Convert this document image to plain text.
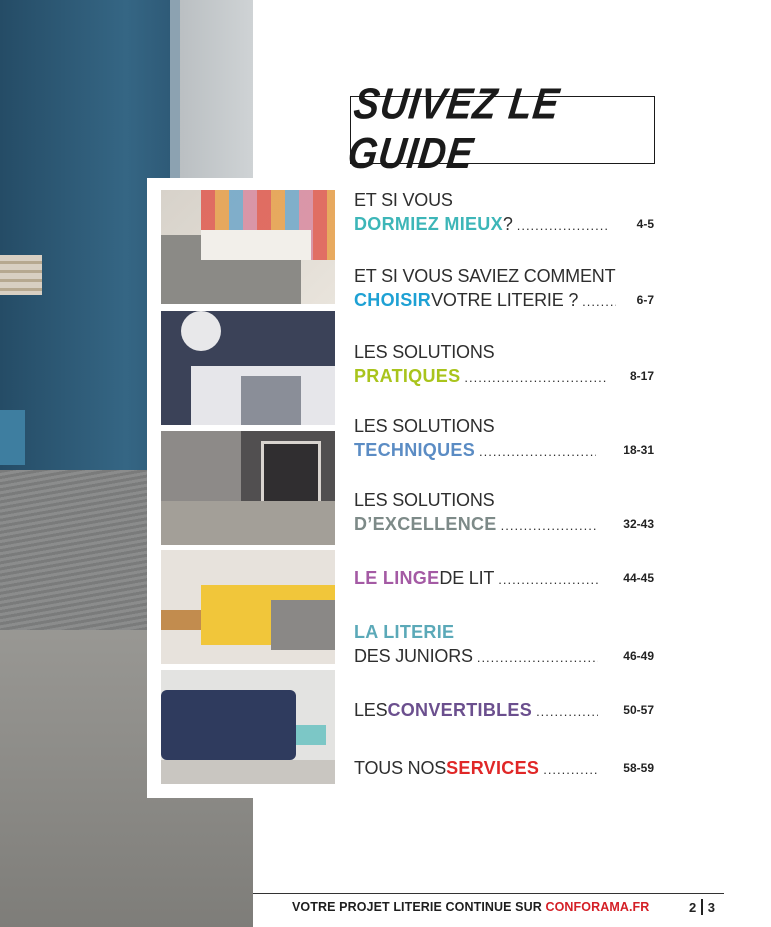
SUIVEZ LE GUIDE
ET SI VOUS
DORMIEZ MIEUX ? .....	4-5
ET SI VOUS SAVIEZ COMMENT
CHOISIR VOTRE LITERIE ? .....	6-7
LES SOLUTIONS
PRATIQUES .....	8-17
LES SOLUTIONS
TECHNIQUES .....	18-31
LES SOLUTIONS
D’EXCELLENCE .....	32-43
LE LINGE DE LIT .....	44-45
LA LITERIE
DES JUNIORS .....	46-49
LES CONVERTIBLES .....	50-57
TOUS NOS SERVICES .....	58-59
VOTRE PROJET LITERIE CONTINUE SUR CONFORAMA.FR	2 3
